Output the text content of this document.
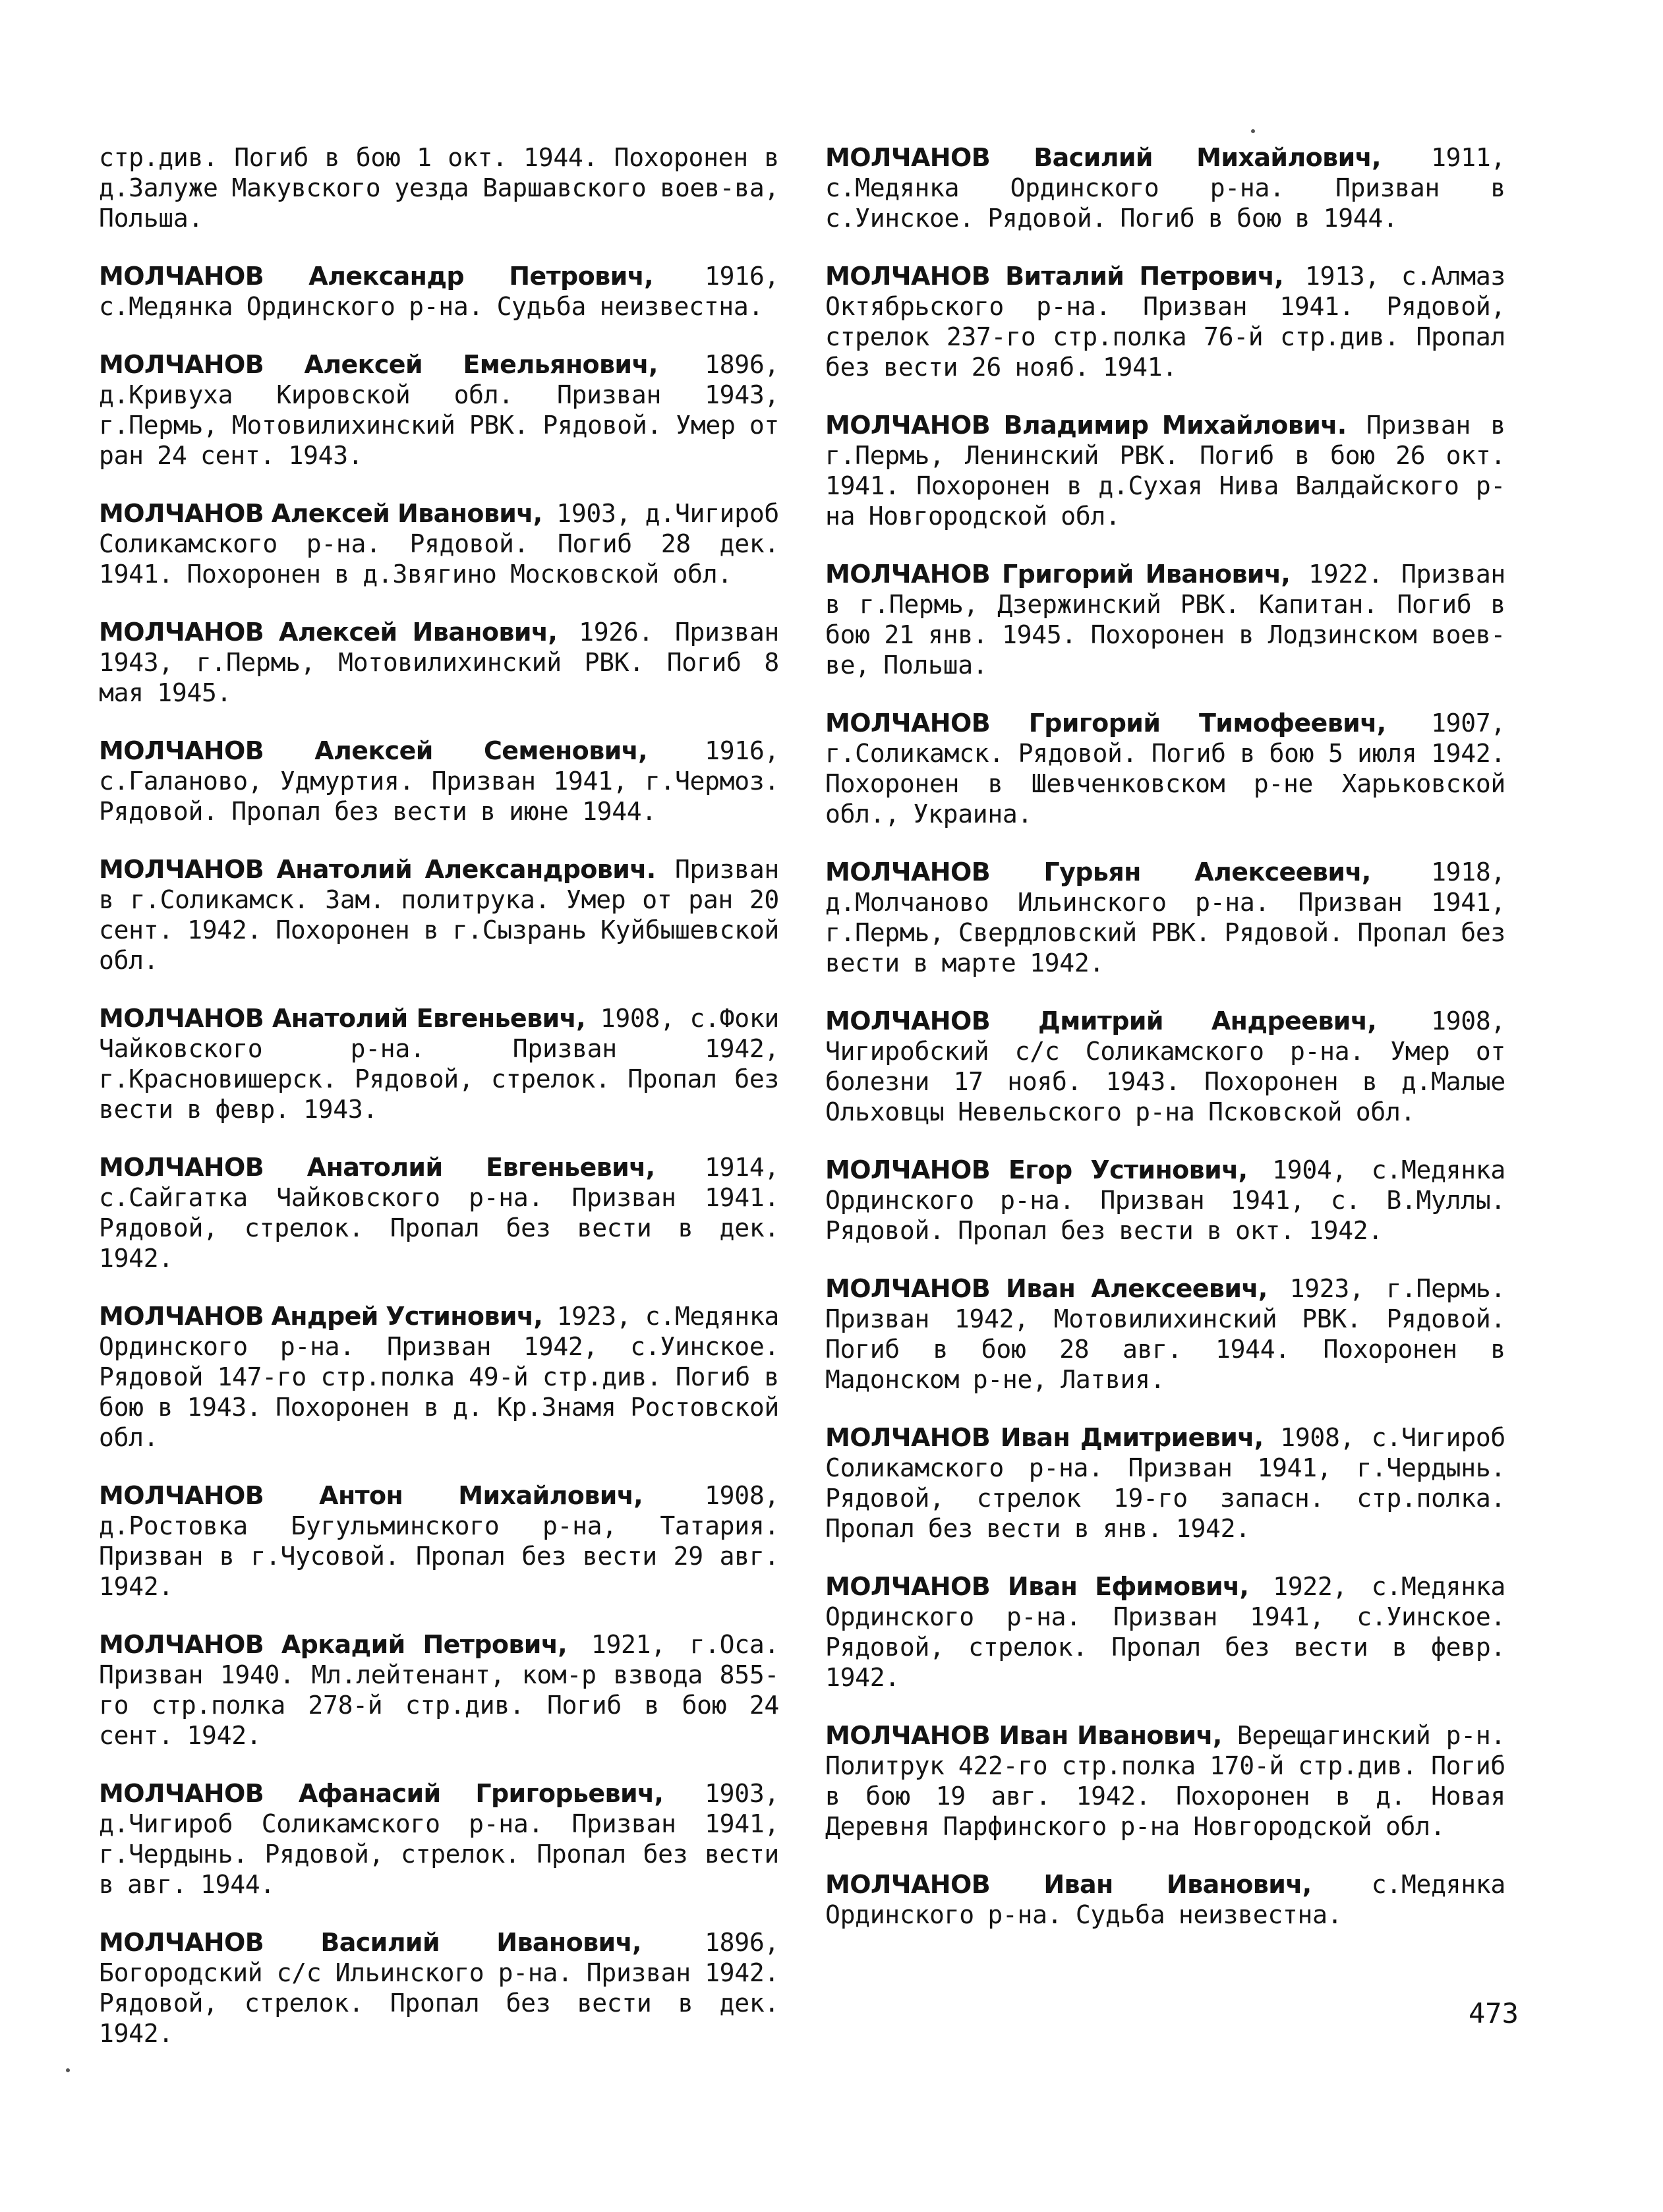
стр.див. Погиб в бою 1 окт. 1944. Похоронен в д.Залуже Макувского уезда Варшавского воев-ва, Польша.

МОЛЧАНОВ Александр Петрович, 1916, с.Медянка Ординского р-на. Судьба неизвестна.

МОЛЧАНОВ Алексей Емельянович, 1896, д.Кривуха Кировской обл. Призван 1943, г.Пермь, Мотовилихинский РВК. Рядовой. Умер от ран 24 сент. 1943.

МОЛЧАНОВ Алексей Иванович, 1903, д.Чигироб Соликамского р-на. Рядовой. Погиб 28 дек. 1941. Похоронен в д.Звягино Московской обл.

МОЛЧАНОВ Алексей Иванович, 1926. Призван 1943, г.Пермь, Мотовилихинский РВК. Погиб 8 мая 1945.

МОЛЧАНОВ Алексей Семенович, 1916, с.Галаново, Удмуртия. Призван 1941, г.Чермоз. Рядовой. Пропал без вести в июне 1944.

МОЛЧАНОВ Анатолий Александрович. Призван в г.Соликамск. Зам. политрука. Умер от ран 20 сент. 1942. Похоронен в г.Сызрань Куйбышевской обл.

МОЛЧАНОВ Анатолий Евгеньевич, 1908, с.Фоки Чайковского р-на. Призван 1942, г.Красновишерск. Рядовой, стрелок. Пропал без вести в февр. 1943.

МОЛЧАНОВ Анатолий Евгеньевич, 1914, с.Сайгатка Чайковского р-на. Призван 1941. Рядовой, стрелок. Пропал без вести в дек. 1942.

МОЛЧАНОВ Андрей Устинович, 1923, с.Медянка Ординского р-на. Призван 1942, с.Уинское. Рядовой 147-го стр.полка 49-й стр.див. Погиб в бою в 1943. Похоронен в д. Кр.Знамя Ростовской обл.

МОЛЧАНОВ Антон Михайлович, 1908, д.Ростовка Бугульминского р-на, Татария. Призван в г.Чусовой. Пропал без вести 29 авг. 1942.

МОЛЧАНОВ Аркадий Петрович, 1921, г.Оса. Призван 1940. Мл.лейтенант, ком-р взвода 855-го стр.полка 278-й стр.див. Погиб в бою 24 сент. 1942.

МОЛЧАНОВ Афанасий Григорьевич, 1903, д.Чигироб Соликамского р-на. Призван 1941, г.Чердынь. Рядовой, стрелок. Пропал без вести в авг. 1944.

МОЛЧАНОВ Василий Иванович, 1896, Богородский с/с Ильинского р-на. Призван 1942. Рядовой, стрелок. Пропал без вести в дек. 1942.

МОЛЧАНОВ Василий Михайлович, 1911, с.Медянка Ординского р-на. Призван в с.Уинское. Рядовой. Погиб в бою в 1944.

МОЛЧАНОВ Виталий Петрович, 1913, с.Алмаз Октябрьского р-на. Призван 1941. Рядовой, стрелок 237-го стр.полка 76-й стр.див. Пропал без вести 26 нояб. 1941.

МОЛЧАНОВ Владимир Михайлович. Призван в г.Пермь, Ленинский РВК. Погиб в бою 26 окт. 1941. Похоронен в д.Сухая Нива Валдайского р-на Новгородской обл.

МОЛЧАНОВ Григорий Иванович, 1922. Призван в г.Пермь, Дзержинский РВК. Капитан. Погиб в бою 21 янв. 1945. Похоронен в Лодзинском воев-ве, Польша.

МОЛЧАНОВ Григорий Тимофеевич, 1907, г.Соликамск. Рядовой. Погиб в бою 5 июля 1942. Похоронен в Шевченковском р-не Харьковской обл., Украина.

МОЛЧАНОВ Гурьян Алексеевич, 1918, д.Молчаново Ильинского р-на. Призван 1941, г.Пермь, Свердловский РВК. Рядовой. Пропал без вести в марте 1942.

МОЛЧАНОВ Дмитрий Андреевич, 1908, Чигиробский с/с Соликамского р-на. Умер от болезни 17 нояб. 1943. Похоронен в д.Малые Ольховцы Невельского р-на Псковской обл.

МОЛЧАНОВ Егор Устинович, 1904, с.Медянка Ординского р-на. Призван 1941, с. В.Муллы. Рядовой. Пропал без вести в окт. 1942.

МОЛЧАНОВ Иван Алексеевич, 1923, г.Пермь. Призван 1942, Мотовилихинский РВК. Рядовой. Погиб в бою 28 авг. 1944. Похоронен в Мадонском р-не, Латвия.

МОЛЧАНОВ Иван Дмитриевич, 1908, с.Чигироб Соликамского р-на. Призван 1941, г.Чердынь. Рядовой, стрелок 19-го запасн. стр.полка. Пропал без вести в янв. 1942.

МОЛЧАНОВ Иван Ефимович, 1922, с.Медянка Ординского р-на. Призван 1941, с.Уинское. Рядовой, стрелок. Пропал без вести в февр. 1942.

МОЛЧАНОВ Иван Иванович, Верещагинский р-н. Политрук 422-го стр.полка 170-й стр.див. Погиб в бою 19 авг. 1942. Похоронен в д. Новая Деревня Парфинского р-на Новгородской обл.

МОЛЧАНОВ Иван Иванович, с.Медянка Ординского р-на. Судьба неизвестна.

473
